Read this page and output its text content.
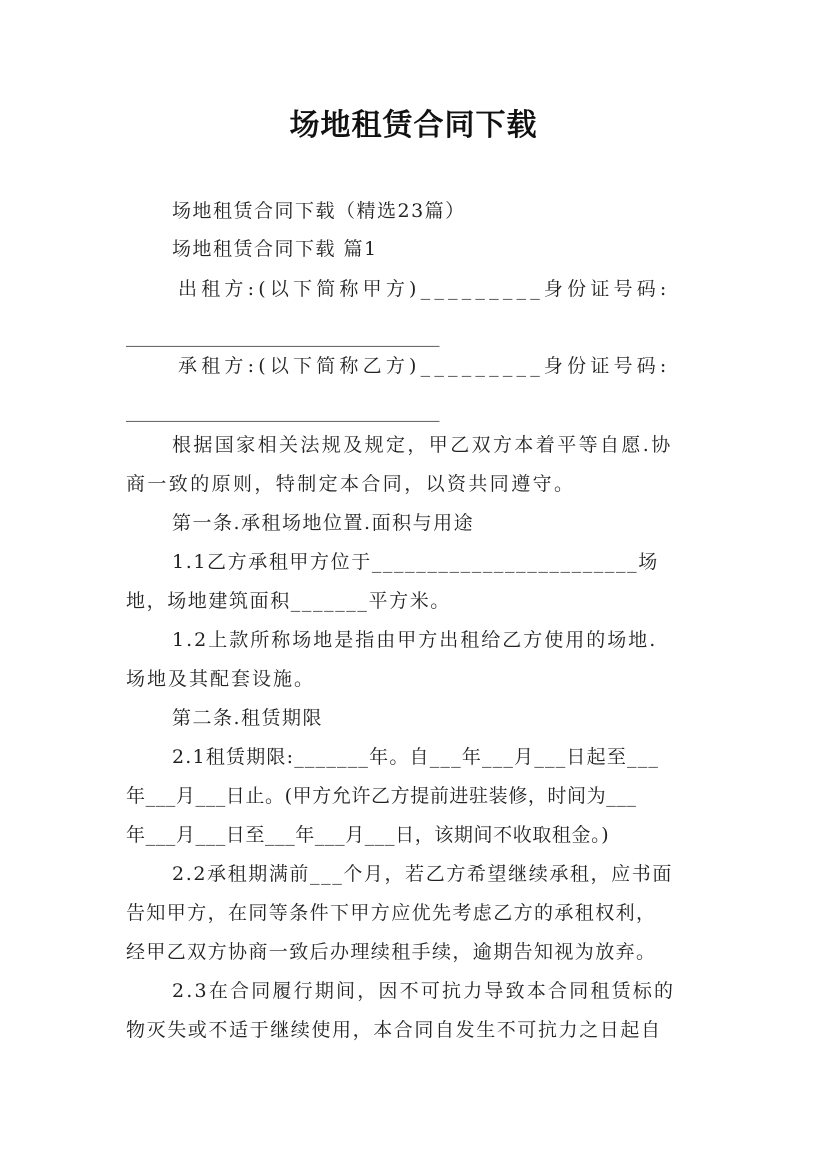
场地租赁合同下载
场地租赁合同下载（精选23篇）
场地租赁合同下载 篇1
出租方:(以下简称甲方)_________身份证号码:
_________________________________
承租方:(以下简称乙方)_________身份证号码:
_________________________________
根据国家相关法规及规定，甲乙双方本着平等自愿.协
商一致的原则，特制定本合同，以资共同遵守。
第一条.承租场地位置.面积与用途
1.1乙方承租甲方位于________________________场
地，场地建筑面积_______平方米。
1.2上款所称场地是指由甲方出租给乙方使用的场地.
场地及其配套设施。
第二条.租赁期限
2.1租赁期限:_______年。自___年___月___日起至___
年___月___日止。(甲方允许乙方提前进驻装修，时间为___
年___月___日至___年___月___日，该期间不收取租金。)
2.2承租期满前___个月，若乙方希望继续承租，应书面
告知甲方，在同等条件下甲方应优先考虑乙方的承租权利，
经甲乙双方协商一致后办理续租手续，逾期告知视为放弃。
2.3在合同履行期间，因不可抗力导致本合同租赁标的
物灭失或不适于继续使用，本合同自发生不可抗力之日起自
